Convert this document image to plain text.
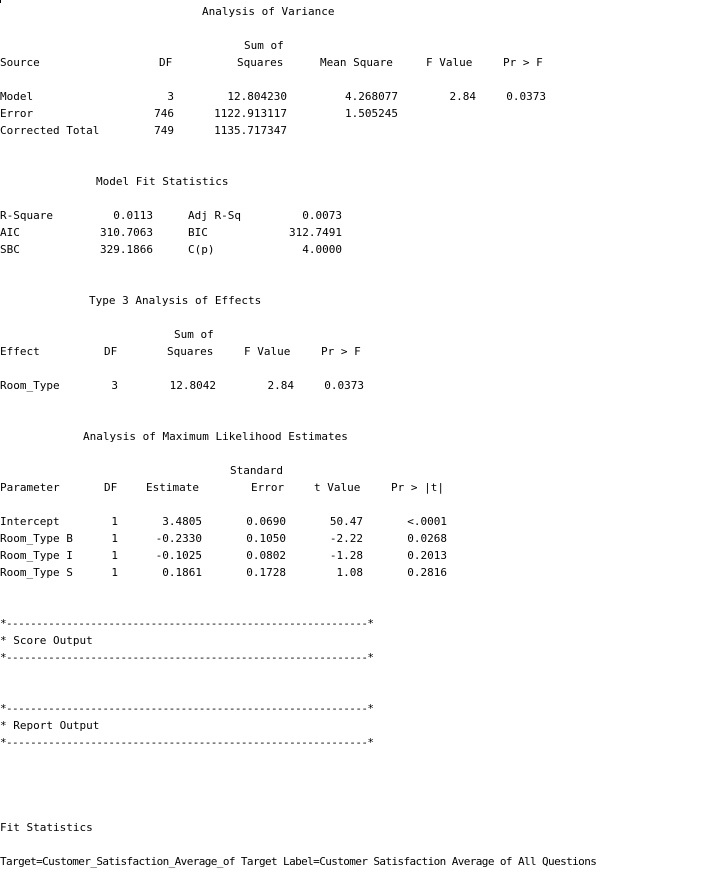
Analysis of Variance
Sum of
Source	DF	Squares	Mean Square	F Value	Pr > F
Model	3	12.804230	4.268077	2.84	0.0373
Error	746	1122.913117	1.505245
Corrected Total	749	1135.717347
Model Fit Statistics
R-Square	0.0113	Adj R-Sq	0.0073
AIC	310.7063	BIC	312.7491
SBC	329.1866	C(p)	4.0000
Type 3 Analysis of Effects
Sum of
Effect	DF	Squares	F Value	Pr > F
Room_Type	3	12.8042	2.84	0.0373
Analysis of Maximum Likelihood Estimates
Standard
Parameter	DF	Estimate	Error	t Value	Pr > |t|
Intercept	1	3.4805	0.0690	50.47	<.0001
Room_Type B	1	-0.2330	0.1050	-2.22	0.0268
Room_Type I	1	-0.1025	0.0802	-1.28	0.2013
Room_Type S	1	0.1861	0.1728	1.08	0.2816
*------------------------------------------------------------*
* Score Output
*------------------------------------------------------------*
*------------------------------------------------------------*
* Report Output
*------------------------------------------------------------*
Fit Statistics
Target=Customer_Satisfaction_Average_of Target Label=Customer Satisfaction Average of All Questions
